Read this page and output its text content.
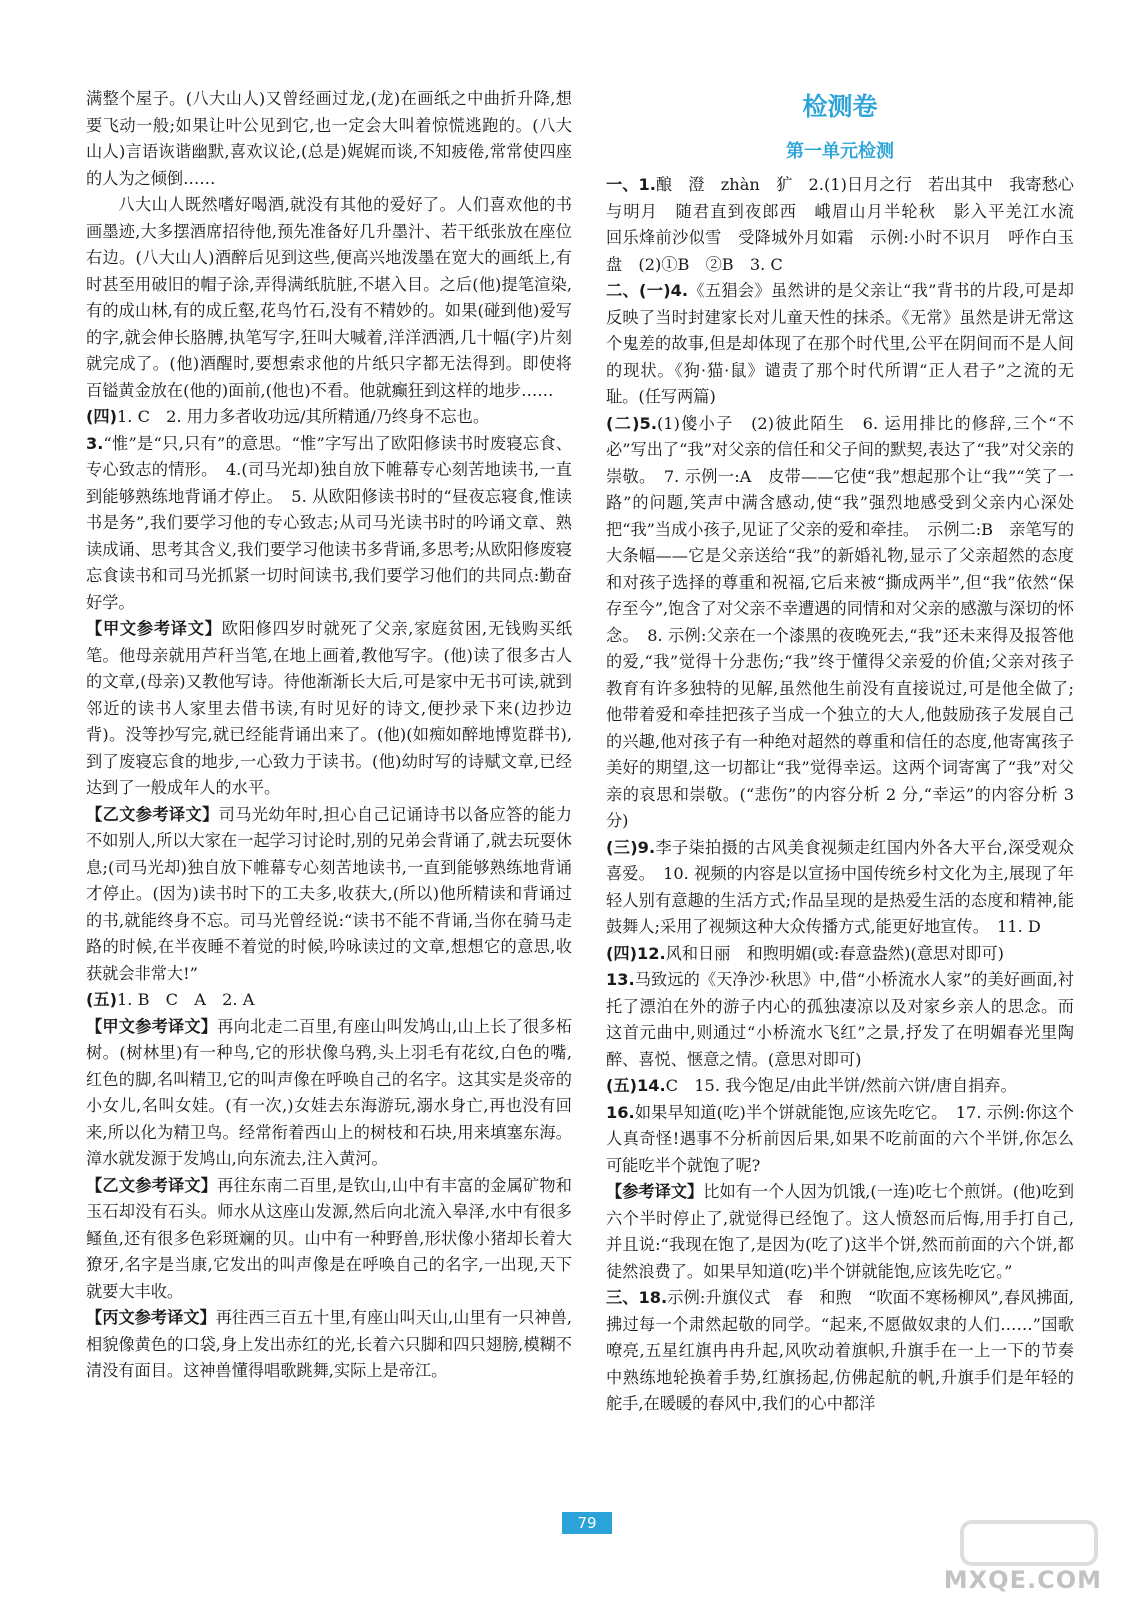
满整个屋子。(八大山人)又曾经画过龙,(龙)在画纸之中曲折升降,想要飞动一般;如果让叶公见到它,也一定会大叫着惊慌逃跑的。(八大山人)言语诙谐幽默,喜欢议论,(总是)娓娓而谈,不知疲倦,常常使四座的人为之倾倒……

八大山人既然嗜好喝酒,就没有其他的爱好了。人们喜欢他的书画墨迹,大多摆酒席招待他,预先准备好几升墨汁、若干纸张放在座位右边。(八大山人)酒醉后见到这些,便高兴地泼墨在宽大的画纸上,有时甚至用破旧的帽子涂,弄得满纸肮脏,不堪入目。之后(他)提笔渲染,有的成山林,有的成丘壑,花鸟竹石,没有不精妙的。如果(碰到他)爱写的字,就会伸长胳膊,执笔写字,狂叫大喊着,洋洋洒洒,几十幅(字)片刻就完成了。(他)酒醒时,要想索求他的片纸只字都无法得到。即使将百镒黄金放在(他的)面前,(他也)不看。他就癫狂到这样的地步……

(四)1. C　2. 用力多者收功远/其所精通/乃终身不忘也。

3.“惟”是“只,只有”的意思。“惟”字写出了欧阳修读书时废寝忘食、专心致志的情形。　4.(司马光却)独自放下帷幕专心刻苦地读书,一直到能够熟练地背诵才停止。　5. 从欧阳修读书时的“昼夜忘寝食,惟读书是务”,我们要学习他的专心致志;从司马光读书时的吟诵文章、熟读成诵、思考其含义,我们要学习他读书多背诵,多思考;从欧阳修废寝忘食读书和司马光抓紧一切时间读书,我们要学习他们的共同点:勤奋好学。

【甲文参考译文】欧阳修四岁时就死了父亲,家庭贫困,无钱购买纸笔。他母亲就用芦秆当笔,在地上画着,教他写字。(他)读了很多古人的文章,(母亲)又教他写诗。待他渐渐长大后,可是家中无书可读,就到邻近的读书人家里去借书读,有时见好的诗文,便抄录下来(边抄边背)。没等抄写完,就已经能背诵出来了。(他)(如痴如醉地博览群书),到了废寝忘食的地步,一心致力于读书。(他)幼时写的诗赋文章,已经达到了一般成年人的水平。

【乙文参考译文】司马光幼年时,担心自己记诵诗书以备应答的能力不如别人,所以大家在一起学习讨论时,别的兄弟会背诵了,就去玩耍休息;(司马光却)独自放下帷幕专心刻苦地读书,一直到能够熟练地背诵才停止。(因为)读书时下的工夫多,收获大,(所以)他所精读和背诵过的书,就能终身不忘。司马光曾经说:“读书不能不背诵,当你在骑马走路的时候,在半夜睡不着觉的时候,吟咏读过的文章,想想它的意思,收获就会非常大!”

(五)1. B　C　A　2. A

【甲文参考译文】再向北走二百里,有座山叫发鸠山,山上长了很多柘树。(树林里)有一种鸟,它的形状像乌鸦,头上羽毛有花纹,白色的嘴,红色的脚,名叫精卫,它的叫声像在呼唤自己的名字。这其实是炎帝的小女儿,名叫女娃。(有一次,)女娃去东海游玩,溺水身亡,再也没有回来,所以化为精卫鸟。经常衔着西山上的树枝和石块,用来填塞东海。漳水就发源于发鸠山,向东流去,注入黄河。

【乙文参考译文】再往东南二百里,是钦山,山中有丰富的金属矿物和玉石却没有石头。师水从这座山发源,然后向北流入皋泽,水中有很多鳋鱼,还有很多色彩斑斓的贝。山中有一种野兽,形状像小猪却长着大獠牙,名字是当康,它发出的叫声像是在呼唤自己的名字,一出现,天下就要大丰收。

【丙文参考译文】再往西三百五十里,有座山叫天山,山里有一只神兽,相貌像黄色的口袋,身上发出赤红的光,长着六只脚和四只翅膀,模糊不清没有面目。这神兽懂得唱歌跳舞,实际上是帝江。

检测卷
第一单元检测

一、1.酿　澄　zhàn　犷　2.(1)日月之行　若出其中　我寄愁心与明月　随君直到夜郎西　峨眉山月半轮秋　影入平羌江水流　回乐烽前沙似雪　受降城外月如霜　示例:小时不识月　呼作白玉盘　(2)①B　②B　3. C

二、(一)4.《五猖会》虽然讲的是父亲让“我”背书的片段,可是却反映了当时封建家长对儿童天性的抹杀。《无常》虽然是讲无常这个鬼差的故事,但是却体现了在那个时代里,公平在阴间而不是人间的现状。《狗·猫·鼠》谴责了那个时代所谓“正人君子”之流的无耻。(任写两篇)

(二)5.(1)傻小子　(2)彼此陌生　6. 运用排比的修辞,三个“不必”写出了“我”对父亲的信任和父子间的默契,表达了“我”对父亲的崇敬。　7. 示例一:A　皮带——它使“我”想起那个让“我”“笑了一路”的问题,笑声中满含感动,使“我”强烈地感受到父亲内心深处把“我”当成小孩子,见证了父亲的爱和牵挂。　示例二:B　亲笔写的大条幅——它是父亲送给“我”的新婚礼物,显示了父亲超然的态度和对孩子选择的尊重和祝福,它后来被“撕成两半”,但“我”依然“保存至今”,饱含了对父亲不幸遭遇的同情和对父亲的感激与深切的怀念。　8. 示例:父亲在一个漆黑的夜晚死去,“我”还未来得及报答他的爱,“我”觉得十分悲伤;“我”终于懂得父亲爱的价值;父亲对孩子教育有许多独特的见解,虽然他生前没有直接说过,可是他全做了;他带着爱和牵挂把孩子当成一个独立的大人,他鼓励孩子发展自己的兴趣,他对孩子有一种绝对超然的尊重和信任的态度,他寄寓孩子美好的期望,这一切都让“我”觉得幸运。这两个词寄寓了“我”对父亲的哀思和崇敬。(“悲伤”的内容分析 2 分,“幸运”的内容分析 3 分)

(三)9.李子柒拍摄的古风美食视频走红国内外各大平台,深受观众喜爱。　10. 视频的内容是以宣扬中国传统乡村文化为主,展现了年轻人别有意趣的生活方式;作品呈现的是热爱生活的态度和精神,能鼓舞人;采用了视频这种大众传播方式,能更好地宣传。　11. D

(四)12.风和日丽　和煦明媚(或:春意盎然)(意思对即可)

13.马致远的《天净沙·秋思》中,借“小桥流水人家”的美好画面,衬托了漂泊在外的游子内心的孤独凄凉以及对家乡亲人的思念。而这首元曲中,则通过“小桥流水飞红”之景,抒发了在明媚春光里陶醉、喜悦、惬意之情。(意思对即可)

(五)14.C　15. 我今饱足/由此半饼/然前六饼/唐自捐弃。

16.如果早知道(吃)半个饼就能饱,应该先吃它。　17. 示例:你这个人真奇怪!遇事不分析前因后果,如果不吃前面的六个半饼,你怎么可能吃半个就饱了呢?

【参考译文】比如有一个人因为饥饿,(一连)吃七个煎饼。(他)吃到六个半时停止了,就觉得已经饱了。这人愤怒而后悔,用手打自己,并且说:“我现在饱了,是因为(吃了)这半个饼,然而前面的六个饼,都徒然浪费了。如果早知道(吃)半个饼就能饱,应该先吃它。”

三、18.示例:升旗仪式　春　和煦　“吹面不寒杨柳风”,春风拂面,拂过每一个肃然起敬的同学。“起来,不愿做奴隶的人们……”国歌嘹亮,五星红旗冉冉升起,风吹动着旗帜,升旗手在一上一下的节奏中熟练地轮换着手势,红旗扬起,仿佛起航的帆,升旗手们是年轻的舵手,在暖暖的春风中,我们的心中都洋

79
MXQE.COM
